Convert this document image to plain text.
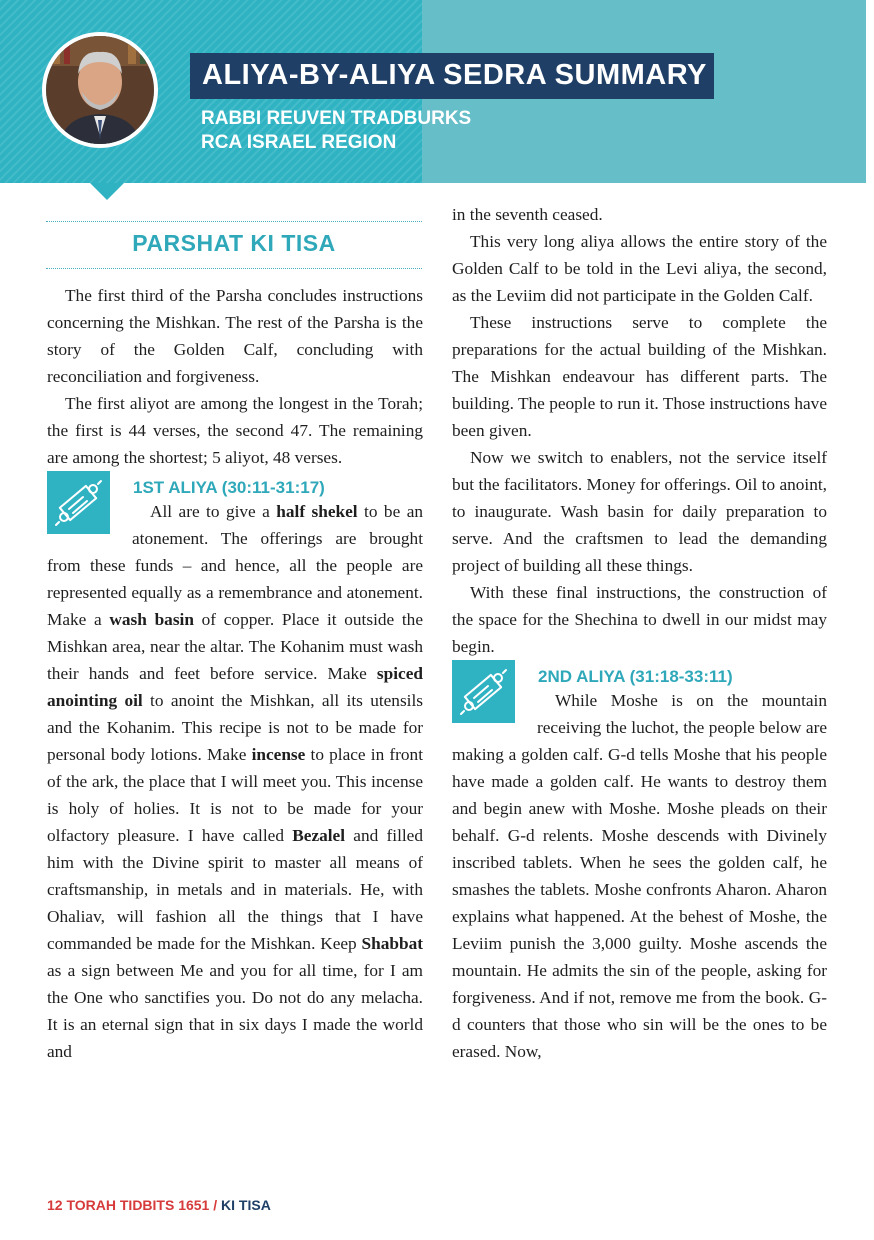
ALIYA-BY-ALIYA SEDRA SUMMARY
RABBI REUVEN TRADBURKS
RCA ISRAEL REGION
PARSHAT KI TISA

The first third of the Parsha concludes instructions concerning the Mishkan. The rest of the Parsha is the story of the Golden Calf, concluding with reconciliation and forgiveness.

The first aliyot are among the longest in the Torah; the first is 44 verses, the second 47. The remaining are among the shortest; 5 aliyot, 48 verses.

1ST ALIYA (30:11-31:17)

All are to give a half shekel to be an atonement. The offerings are brought from these funds – and hence, all the people are represented equally as a remembrance and atonement. Make a wash basin of copper. Place it outside the Mishkan area, near the altar. The Kohanim must wash their hands and feet before service. Make spiced anointing oil to anoint the Mishkan, all its utensils and the Kohanim. This recipe is not to be made for personal body lotions. Make incense to place in front of the ark, the place that I will meet you. This incense is holy of holies. It is not to be made for your olfactory pleasure. I have called Bezalel and filled him with the Divine spirit to master all means of craftsmanship, in metals and in materials. He, with Ohaliav, will fashion all the things that I have commanded be made for the Mishkan. Keep Shabbat as a sign between Me and you for all time, for I am the One who sanctifies you. Do not do any melacha. It is an eternal sign that in six days I made the world and

in the seventh ceased.

This very long aliya allows the entire story of the Golden Calf to be told in the Levi aliya, the second, as the Leviim did not participate in the Golden Calf.

These instructions serve to complete the preparations for the actual building of the Mishkan. The Mishkan endeavour has different parts. The building. The people to run it. Those instructions have been given.

Now we switch to enablers, not the service itself but the facilitators. Money for offerings. Oil to anoint, to inaugurate. Wash basin for daily preparation to serve. And the craftsmen to lead the demanding project of building all these things.

With these final instructions, the construction of the space for the Shechina to dwell in our midst may begin.

2ND ALIYA (31:18-33:11)

While Moshe is on the mountain receiving the luchot, the people below are making a golden calf. G-d tells Moshe that his people have made a golden calf. He wants to destroy them and begin anew with Moshe. Moshe pleads on their behalf. G-d relents. Moshe descends with Divinely inscribed tablets. When he sees the golden calf, he smashes the tablets. Moshe confronts Aharon. Aharon explains what happened. At the behest of Moshe, the Leviim punish the 3,000 guilty. Moshe ascends the mountain. He admits the sin of the people, asking for forgiveness. And if not, remove me from the book. G-d counters that those who sin will be the ones to be erased. Now,

12 TORAH TIDBITS 1651 / KI TISA
